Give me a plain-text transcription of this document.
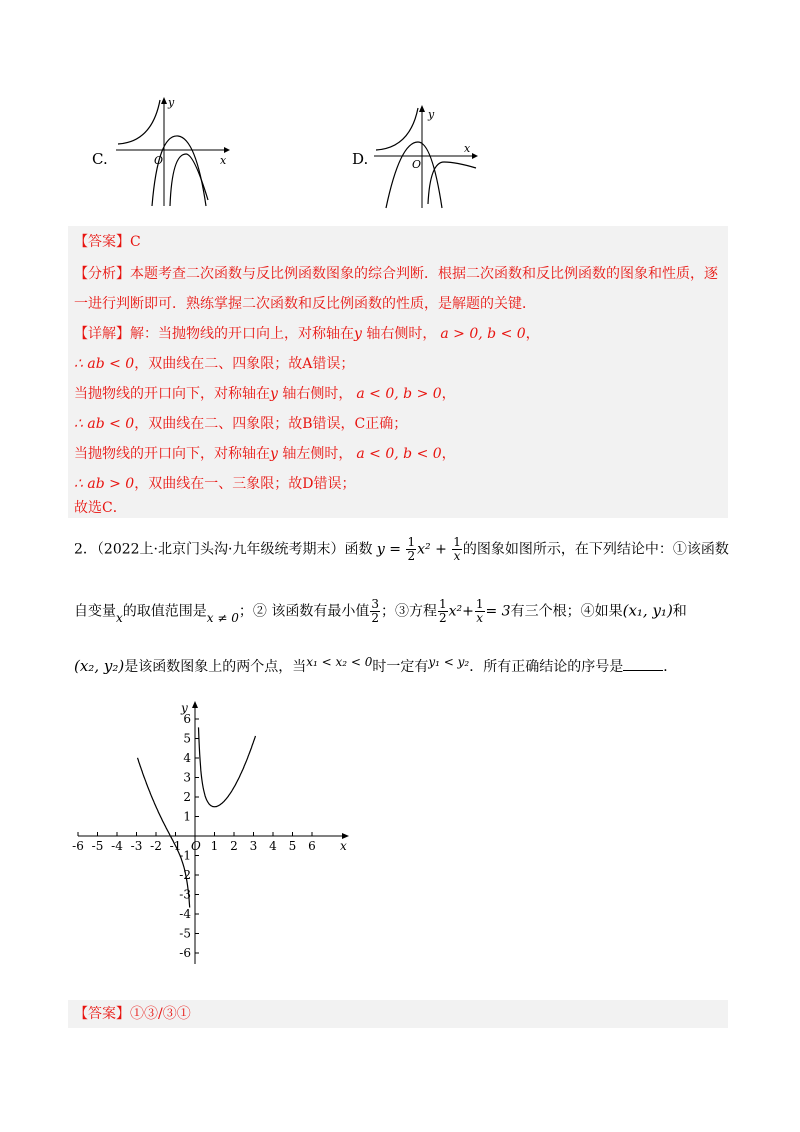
C.
y
x
O	D.
y
x
O
【答案】C
【分析】本题考查二次函数与反比例函数图象的综合判断．根据二次函数和反比例函数的图象和性质，逐
一进行判断即可．熟练掌握二次函数和反比例函数的性质，是解题的关键．
【详解】解：当抛物线的开口向上，对称轴在y 轴右侧时， a > 0, b < 0，
∴ ab < 0，双曲线在二、四象限；故A错误；
当抛物线的开口向下，对称轴在y 轴右侧时， a < 0, b > 0，
∴ ab < 0，双曲线在二、四象限；故B错误，C正确；
当抛物线的开口向下，对称轴在y 轴左侧时， a < 0, b < 0，
∴ ab > 0，双曲线在一、三象限；故D错误；
故选C．
2．（2022上·北京门头沟·九年级统考期末）函数 $y = \frac{1}{2} x^2 + \frac{1}{x}$ 的图象如图所示，在下列结论中：①该函数
自变量x的取值范围是x ≠ 0；② 该函数有最小值 $\frac{3}{2}$ ；③方程 $\frac{1}{2} x^2+ \frac{1}{x} = 3$有三个根；④如果(x₁, y₁)和
(x₂, y₂)是该函数图象上的两个点，当x₁ < x₂ < 0时一定有y₁ < y₂．所有正确结论的序号是	．
x
y
O
-6 -5 -4 -3 -2 -1 1 2 3 4 5 6
6
5
4
3
2
1
-1
-2
-3
-4
-5
-6
【答案】①③/③①
